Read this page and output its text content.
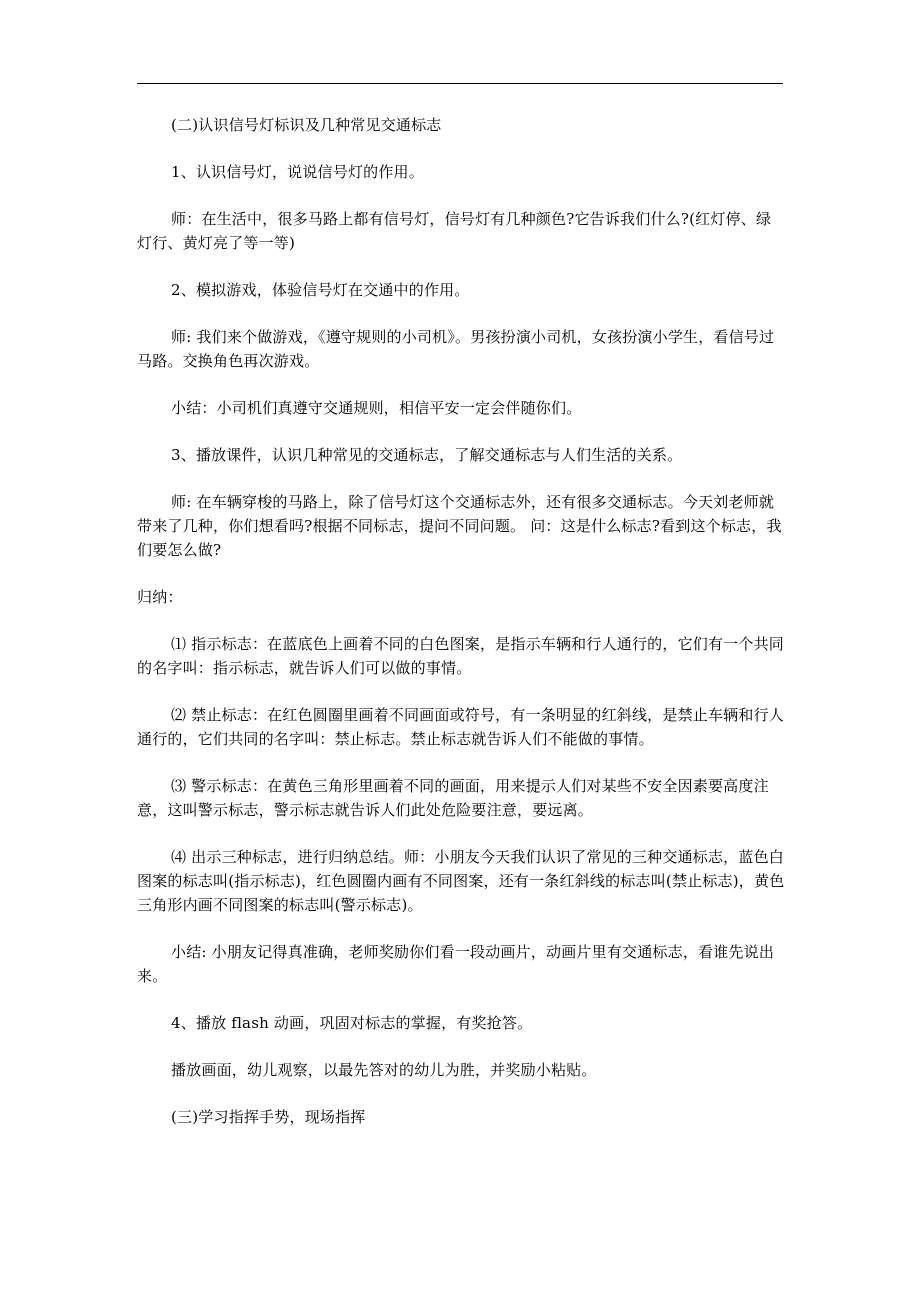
(二)认识信号灯标识及几种常见交通标志

1、认识信号灯，说说信号灯的作用。

师：在生活中，很多马路上都有信号灯，信号灯有几种颜色?它告诉我们什么?(红灯停、绿灯行、黄灯亮了等一等)

2、模拟游戏，体验信号灯在交通中的作用。

师: 我们来个做游戏，《遵守规则的小司机》。男孩扮演小司机，女孩扮演小学生，看信号过马路。交换角色再次游戏。

小结：小司机们真遵守交通规则，相信平安一定会伴随你们。

3、播放课件，认识几种常见的交通标志，了解交通标志与人们生活的关系。

师: 在车辆穿梭的马路上，除了信号灯这个交通标志外，还有很多交通标志。今天刘老师就带来了几种，你们想看吗?根据不同标志，提问不同问题。 问：这是什么标志?看到这个标志，我们要怎么做?

归纳：

⑴ 指示标志：在蓝底色上画着不同的白色图案，是指示车辆和行人通行的，它们有一个共同的名字叫：指示标志，就告诉人们可以做的事情。

⑵ 禁止标志：在红色圆圈里画着不同画面或符号，有一条明显的红斜线，是禁止车辆和行人通行的，它们共同的名字叫：禁止标志。禁止标志就告诉人们不能做的事情。

⑶ 警示标志：在黄色三角形里画着不同的画面，用来提示人们对某些不安全因素要高度注意，这叫警示标志，警示标志就告诉人们此处危险要注意，要远离。

⑷ 出示三种标志，进行归纳总结。师：小朋友今天我们认识了常见的三种交通标志，蓝色白图案的标志叫(指示标志)，红色圆圈内画有不同图案，还有一条红斜线的标志叫(禁止标志)，黄色三角形内画不同图案的标志叫(警示标志)。

小结: 小朋友记得真准确，老师奖励你们看一段动画片，动画片里有交通标志，看谁先说出来。

4、播放 flash 动画，巩固对标志的掌握，有奖抢答。

播放画面，幼儿观察，以最先答对的幼儿为胜，并奖励小粘贴。

(三)学习指挥手势，现场指挥
